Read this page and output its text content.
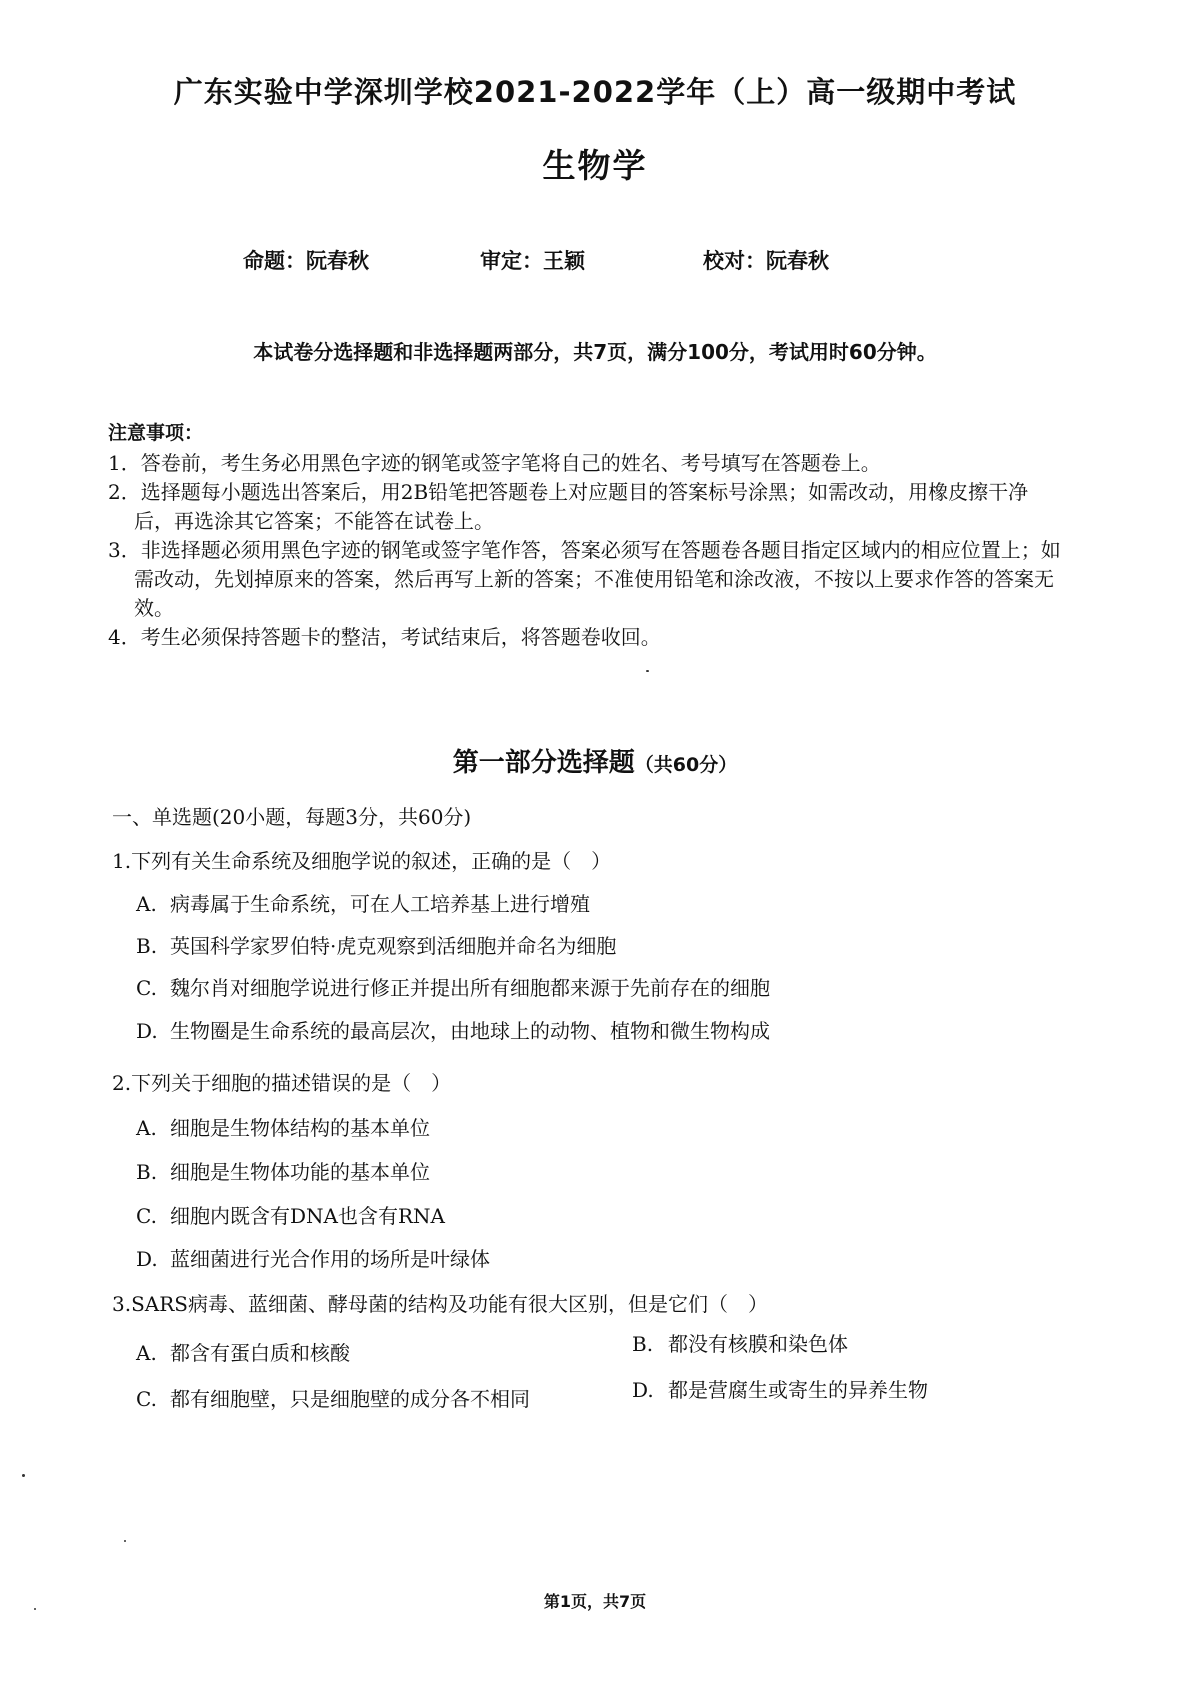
广东实验中学深圳学校2021-2022学年（上）高一级期中考试
生物学
命题：阮春秋	审定：王颖	校对：阮春秋
本试卷分选择题和非选择题两部分，共7页，满分100分，考试用时60分钟。
注意事项：
1．答卷前，考生务必用黑色字迹的钢笔或签字笔将自己的姓名、考号填写在答题卷上。
2．选择题每小题选出答案后，用2B铅笔把答题卷上对应题目的答案标号涂黑；如需改动，用橡皮擦干净后，再选涂其它答案；不能答在试卷上。
3．非选择题必须用黑色字迹的钢笔或签字笔作答，答案必须写在答题卷各题目指定区域内的相应位置上；如需改动，先划掉原来的答案，然后再写上新的答案；不准使用铅笔和涂改液，不按以上要求作答的答案无效。
4．考生必须保持答题卡的整洁，考试结束后，将答题卷收回。
第一部分选择题（共60分）
一、单选题(20小题，每题3分，共60分)
1.下列有关生命系统及细胞学说的叙述，正确的是（　）
A. 病毒属于生命系统，可在人工培养基上进行增殖
B. 英国科学家罗伯特·虎克观察到活细胞并命名为细胞
C. 魏尔肖对细胞学说进行修正并提出所有细胞都来源于先前存在的细胞
D. 生物圈是生命系统的最高层次，由地球上的动物、植物和微生物构成
2.下列关于细胞的描述错误的是（　）
A. 细胞是生物体结构的基本单位
B. 细胞是生物体功能的基本单位
C. 细胞内既含有DNA也含有RNA
D. 蓝细菌进行光合作用的场所是叶绿体
3.SARS病毒、蓝细菌、酵母菌的结构及功能有很大区别，但是它们（　）
A. 都含有蛋白质和核酸	B. 都没有核膜和染色体
C. 都有细胞壁，只是细胞壁的成分各不相同	D. 都是营腐生或寄生的异养生物
第1页，共7页
